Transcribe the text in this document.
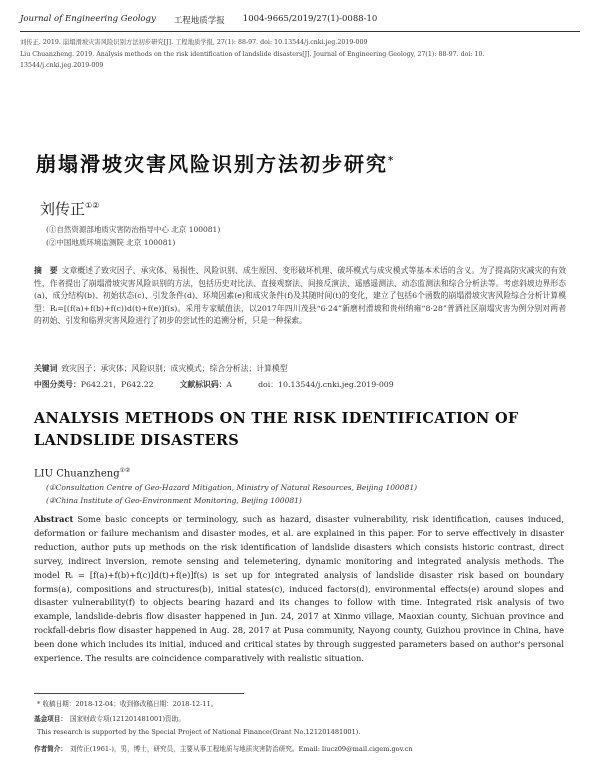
Journal of Engineering Geology 工程地质学报 1004-9665/2019/27(1)-0088-10
刘传正. 2019. 崩塌滑坡灾害风险识别方法初步研究[J]. 工程地质学报, 27(1): 88-97. doi: 10.13544/j.cnki.jeg.2019-009
Liu Chuanzheng. 2019. Analysis methods on the risk identification of landslide disasters[J]. Journal of Engineering Geology, 27(1): 88-97. doi: 10.
13544/j.cnki.jeg.2019-009
崩塌滑坡灾害风险识别方法初步研究*
刘传正①②
(①自然资源部地质灾害防治指导中心 北京 100081)
(②中国地质环境监测院 北京 100081)
摘　要 文章概述了致灾因子、承灾体、易损性、风险识别、成生原因、变形破坏机理、破坏模式与成灾模式等基本术语的含义。为了提高防灾减灾的有效性，作者提出了崩塌滑坡灾害风险识别的方法，包括历史对比法、直接观察法、间接反演法、遥感遥测法、动态监测法和综合分析法等。考虑斜坡边界形态(a)、成分结构(b)、初始状态(c)、引发条件(d)、环境因素(e)和成灾条件(f)及其随时间(t)的变化，建立了包括6个函数的崩塌滑坡灾害风险综合分析计算模型：Rᵢ=[(f(a)+f(b)+f(c))d(t)+f(e)]f(s)。采用专家赋值法，以2017年四川茂县“6·24”新磨村滑坡和贵州纳雍“8·28”普洒社区崩塌灾害为例分别对两者的初始、引发和临界灾害风险进行了初步的尝试性的追溯分析，只是一种探索。
关键词 致灾因子；承灾体；风险识别；成灾模式；综合分析法；计算模型
中图分类号：P642.21，P642.22	文献标识码：A	doi：10.13544/j.cnki.jeg.2019-009
ANALYSIS METHODS ON THE RISK IDENTIFICATION OF LANDSLIDE DISASTERS
LIU Chuanzheng①②
(①Consultation Centre of Geo-Hazard Mitigation, Ministry of Natural Resources, Beijing 100081)
(②China Institute of Geo-Environment Monitoring, Beijing 100081)
Abstract Some basic concepts or terminology, such as hazard, disaster vulnerability, risk identification, causes induced, deformation or failure mechanism and disaster modes, et al. are explained in this paper. For to serve effectively in disaster reduction, author puts up methods on the risk identification of landslide disasters which consists historic contrast, direct survey, indirect inversion, remote sensing and telemetering, dynamic monitoring and integrated analysis methods. The model Rᵢ = [f(a)+f(b)+f(c)]d(t)+f(e)]f(s) is set up for integrated analysis of landslide disaster risk based on boundary forms(a), compositions and structures(b), initial states(c), induced factors(d), environmental effects(e) around slopes and disaster vulnerability(f) to objects bearing hazard and its changes to follow with time. Integrated risk analysis of two example, landslide-debris flow disaster happened in Jun. 24, 2017 at Xinmo village, Maoxian county, Sichuan province and rockfall-debris flow disaster happened in Aug. 28, 2017 at Pusa community, Nayong county, Guizhou province in China, have been done which includes its initial, induced and critical states by through suggested parameters based on author's personal experience. The results are coincidence comparatively with realistic situation.
* 收稿日期：2018-12-04；收到修改稿日期：2018-12-11。
基金项目： 国家财政专项(121201481001)资助。
This research is supported by the Special Project of National Finance(Grant No.121201481001).
作者简介： 刘传正(1961-)，男，博士，研究员，主要从事工程地质与地质灾害防治研究。Email: liucz09@mail.cigem.gov.cn
